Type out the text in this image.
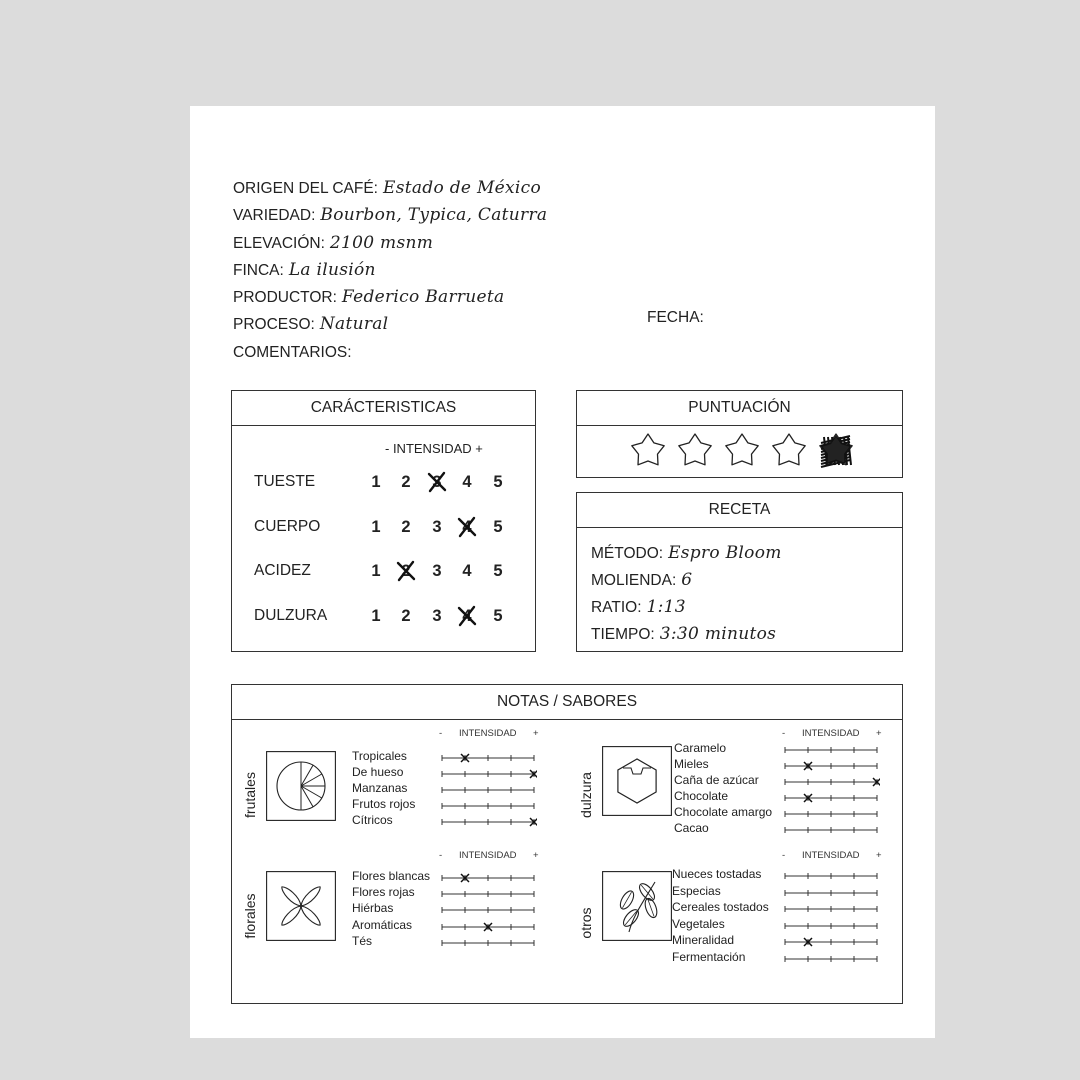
ORIGEN DEL CAFÉ: Estado de México
VARIEDAD: Bourbon, Typica, Caturra
ELEVACIÓN: 2100 msnm
FINCA: La ilusión
PRODUCTOR: Federico Barrueta
PROCESO: Natural
COMENTARIOS:
FECHA:
CARÁCTERISTICAS
- INTENSIDAD +
TUESTE	1 2 3 4 5
CUERPO	1 2 3 4 5
ACIDEZ	1 2 3 4 5
DULZURA	1 2 3 4 5
PUNTUACIÓN
RECETA
MÉTODO: Espro Bloom
MOLIENDA: 6
RATIO: 1:13
TIEMPO: 3:30 minutos
NOTAS / SABORES
- INTENSIDAD +
frutales
Tropicales
De hueso
Manzanas
Frutos rojos
Cítricos
- INTENSIDAD +
dulzura
Caramelo
Mieles
Caña de azúcar
Chocolate
Chocolate amargo
Cacao
- INTENSIDAD +
florales
Flores blancas
Flores rojas
Hiérbas
Aromáticas
Tés
- INTENSIDAD +
otros
Nueces tostadas
Especias
Cereales tostados
Vegetales
Mineralidad
Fermentación
